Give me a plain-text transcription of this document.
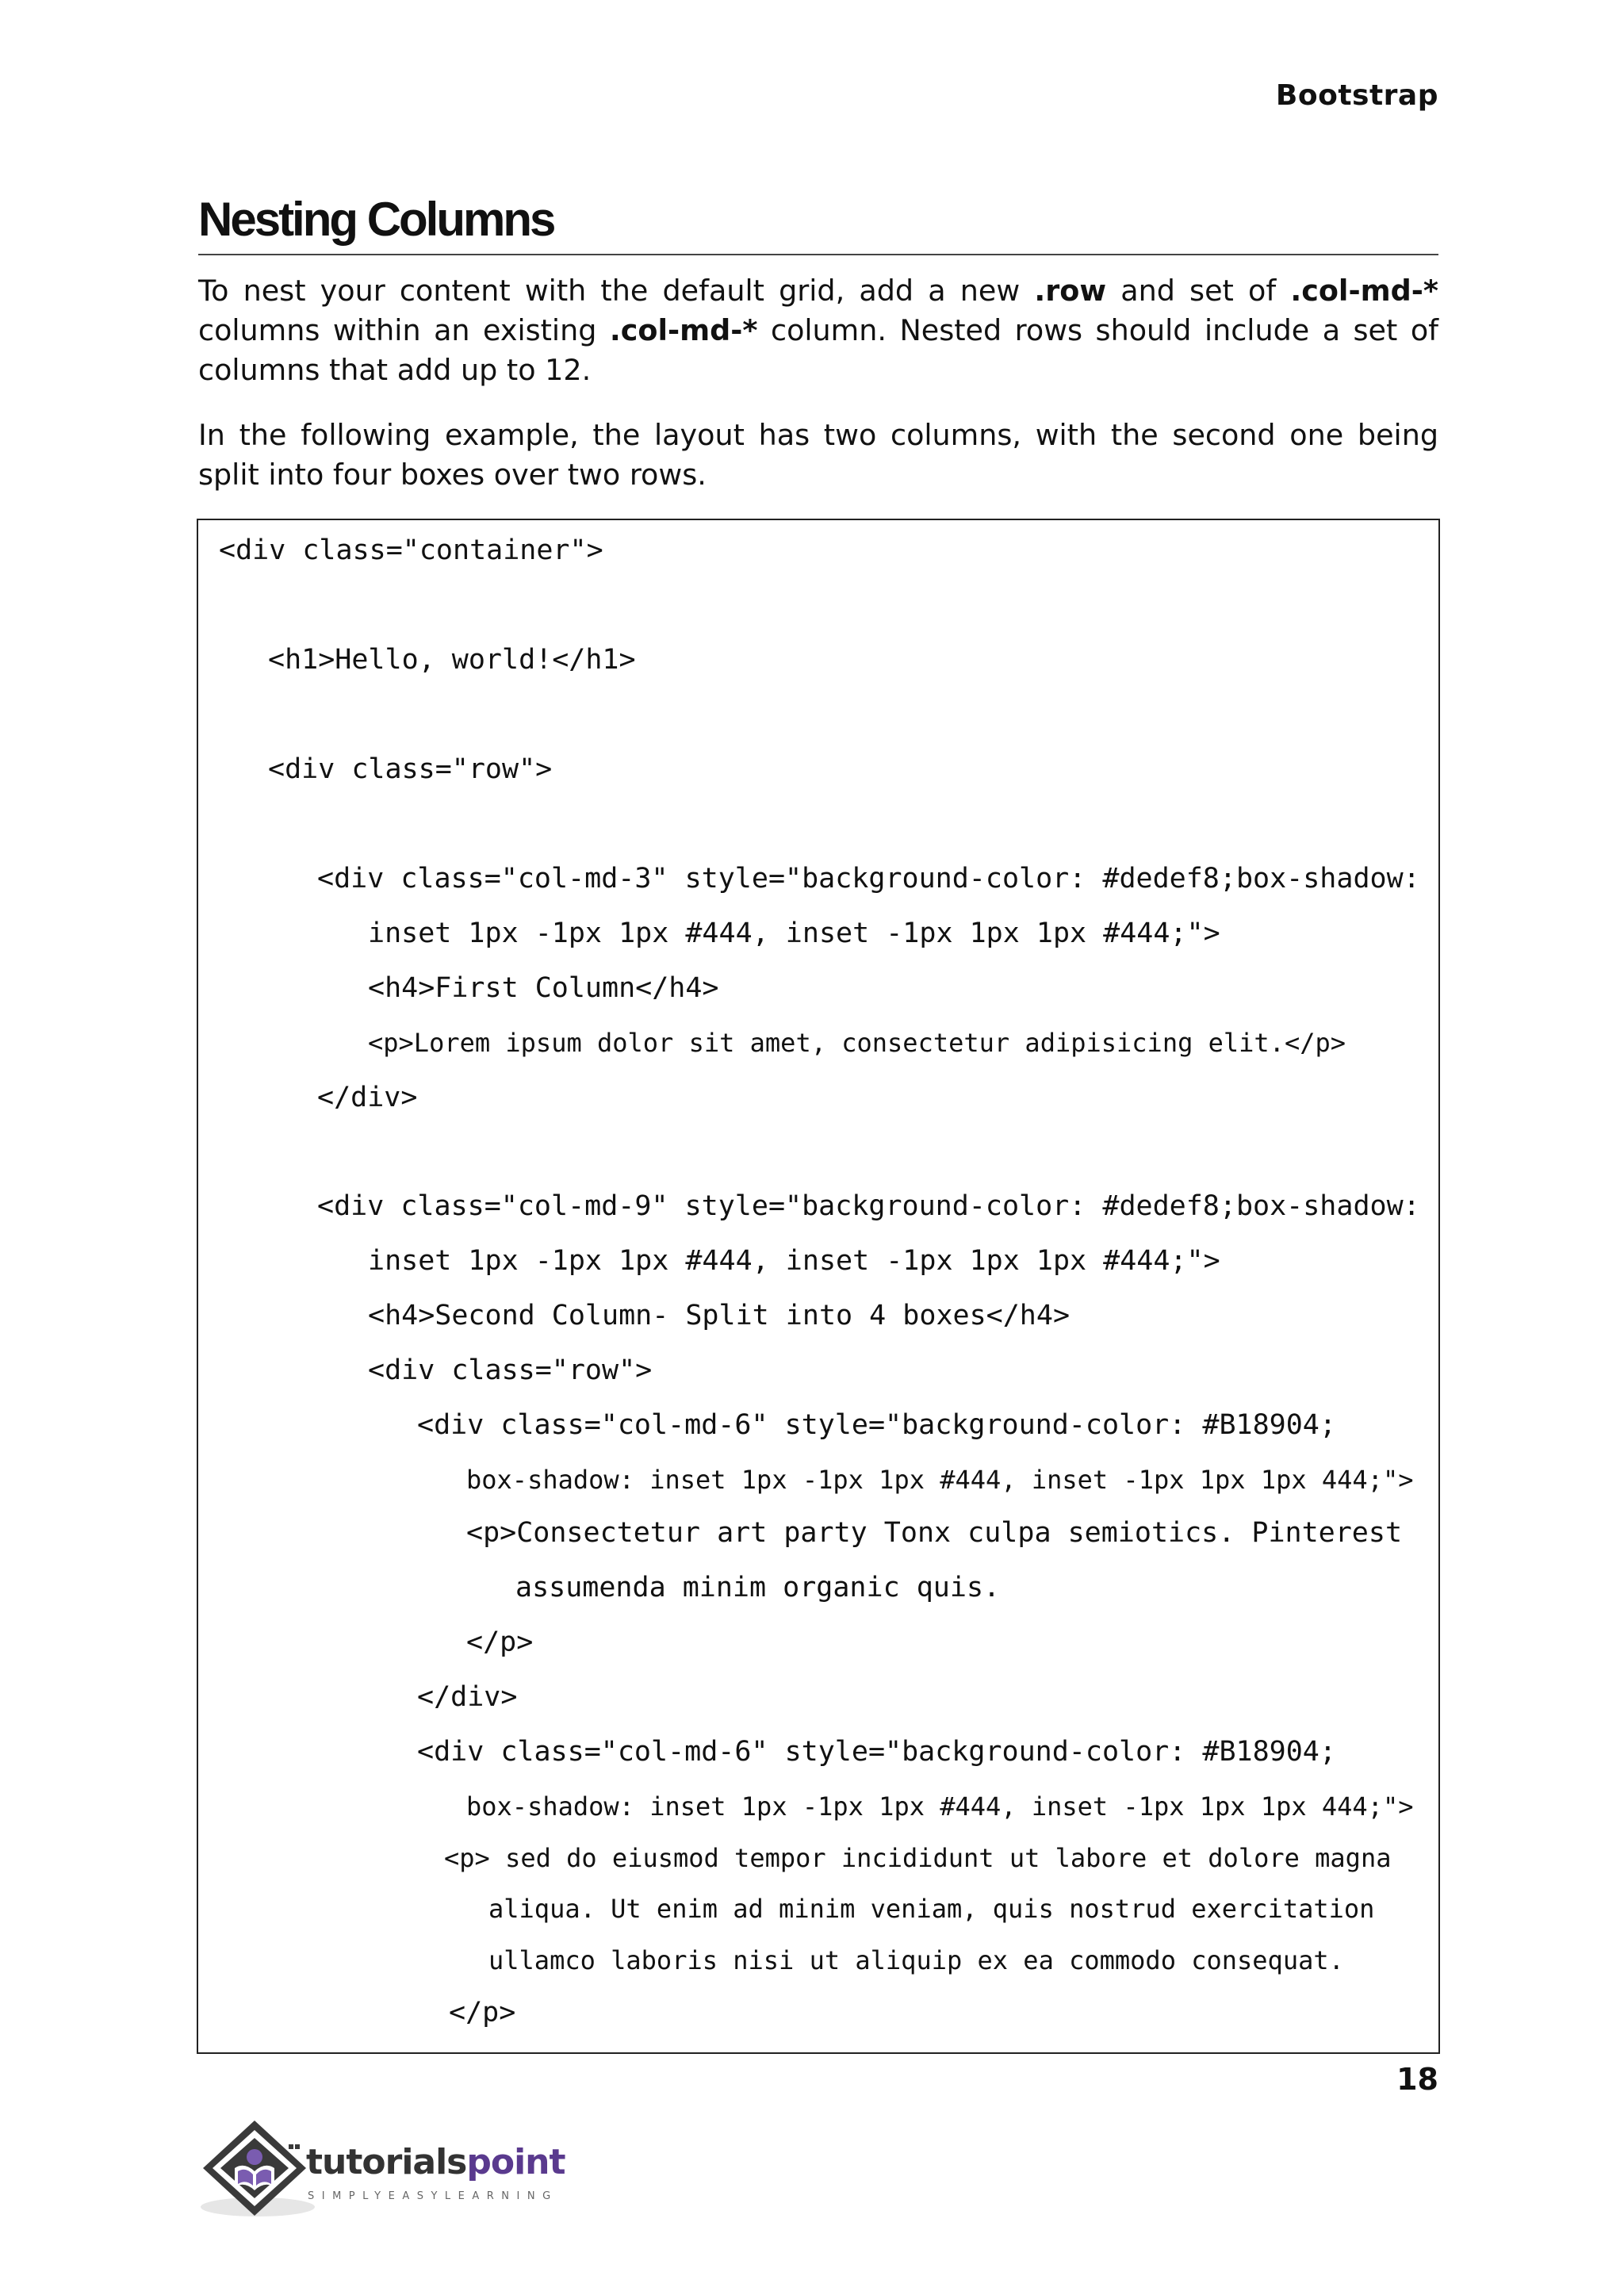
Bootstrap
Nesting Columns

To nest your content with the default grid, add a new .row and set of .col-md-* columns within an existing .col-md-* column. Nested rows should include a set of columns that add up to 12.

In the following example, the layout has two columns, with the second one being split into four boxes over two rows.

<div class="container">
<h1>Hello, world!</h1>
<div class="row">
<div class="col-md-3" style="background-color: #dedef8;box-shadow:
inset 1px -1px 1px #444, inset -1px 1px 1px #444;">
<h4>First Column</h4>
<p>Lorem ipsum dolor sit amet, consectetur adipisicing elit.</p>
</div>
<div class="col-md-9" style="background-color: #dedef8;box-shadow:
inset 1px -1px 1px #444, inset -1px 1px 1px #444;">
<h4>Second Column- Split into 4 boxes</h4>
<div class="row">
<div class="col-md-6" style="background-color: #B18904;
box-shadow: inset 1px -1px 1px #444, inset -1px 1px 1px 444;">
<p>Consectetur art party Tonx culpa semiotics. Pinterest
assumenda minim organic quis.
</p>
</div>
<div class="col-md-6" style="background-color: #B18904;
box-shadow: inset 1px -1px 1px #444, inset -1px 1px 1px 444;">
<p> sed do eiusmod tempor incididunt ut labore et dolore magna
aliqua. Ut enim ad minim veniam, quis nostrud exercitation
ullamco laboris nisi ut aliquip ex ea commodo consequat.
</p>
18
tutorialspoint
SIMPLYEASYLEARNING
